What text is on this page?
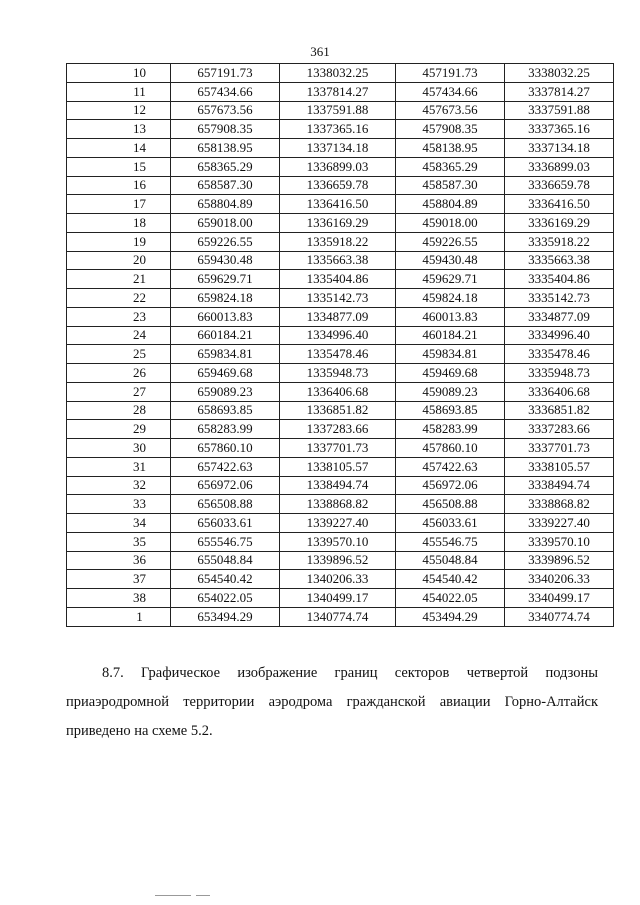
361
10	657191.73	1338032.25	457191.73	3338032.25
11	657434.66	1337814.27	457434.66	3337814.27
12	657673.56	1337591.88	457673.56	3337591.88
13	657908.35	1337365.16	457908.35	3337365.16
14	658138.95	1337134.18	458138.95	3337134.18
15	658365.29	1336899.03	458365.29	3336899.03
16	658587.30	1336659.78	458587.30	3336659.78
17	658804.89	1336416.50	458804.89	3336416.50
18	659018.00	1336169.29	459018.00	3336169.29
19	659226.55	1335918.22	459226.55	3335918.22
20	659430.48	1335663.38	459430.48	3335663.38
21	659629.71	1335404.86	459629.71	3335404.86
22	659824.18	1335142.73	459824.18	3335142.73
23	660013.83	1334877.09	460013.83	3334877.09
24	660184.21	1334996.40	460184.21	3334996.40
25	659834.81	1335478.46	459834.81	3335478.46
26	659469.68	1335948.73	459469.68	3335948.73
27	659089.23	1336406.68	459089.23	3336406.68
28	658693.85	1336851.82	458693.85	3336851.82
29	658283.99	1337283.66	458283.99	3337283.66
30	657860.10	1337701.73	457860.10	3337701.73
31	657422.63	1338105.57	457422.63	3338105.57
32	656972.06	1338494.74	456972.06	3338494.74
33	656508.88	1338868.82	456508.88	3338868.82
34	656033.61	1339227.40	456033.61	3339227.40
35	655546.75	1339570.10	455546.75	3339570.10
36	655048.84	1339896.52	455048.84	3339896.52
37	654540.42	1340206.33	454540.42	3340206.33
38	654022.05	1340499.17	454022.05	3340499.17
1	653494.29	1340774.74	453494.29	3340774.74

8.7. Графическое изображение границ секторов четвертой подзоны

приаэродромной территории аэродрома гражданской авиации Горно-Алтайск

приведено на схеме 5.2.
